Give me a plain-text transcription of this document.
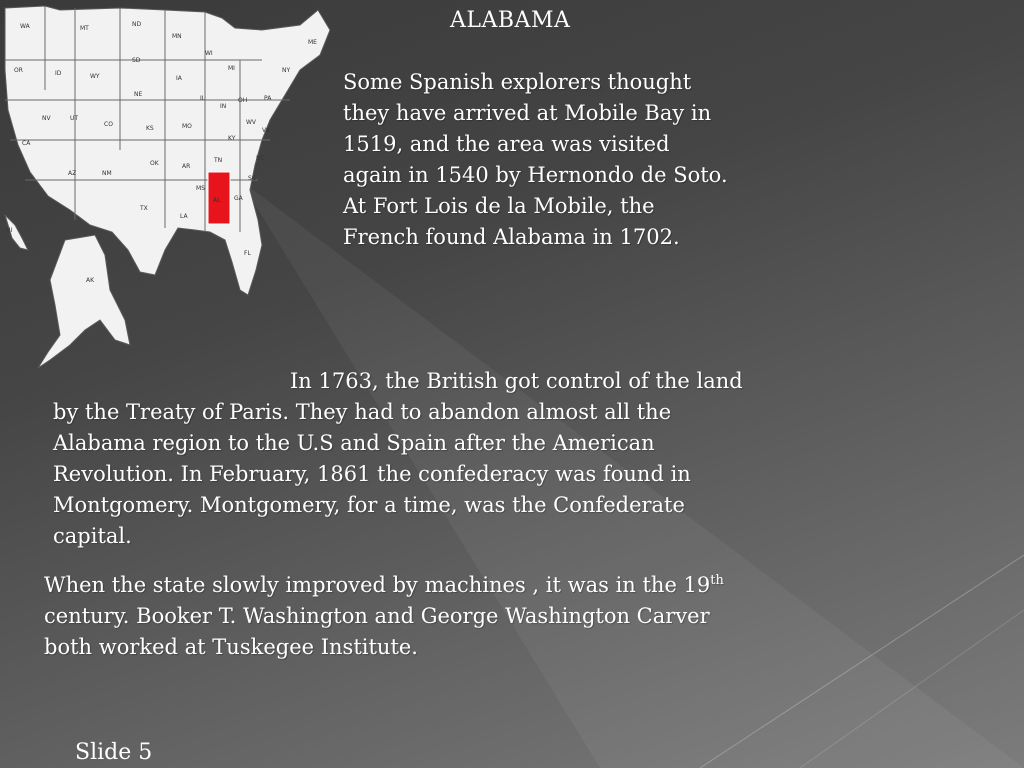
AL
WA
OR
CA
ID
NV
MT
WY
UT
AZ
CO
NM
ND
SD
NE
KS
OK
TX
MN
IA
MO
AR
LA
WI
IL
MI
IN
OH
KY
TN
MS
GA
FL
SC
NC
VA
WV
PA
NY
ME
AK
HI
ALABAMA
Some Spanish explorers thought they have arrived at Mobile Bay in 1519, and the area was visited again in 1540 by Hernondo de Soto. At Fort Lois de la Mobile, the French found Alabama in 1702.
In 1763, the British got control of the land by the Treaty of Paris. They had to abandon almost all the Alabama region to the U.S and Spain after the American Revolution. In February, 1861 the confederacy was found in Montgomery. Montgomery, for a time, was the Confederate capital.
When the state slowly improved by machines , it was in the 19th century. Booker T. Washington and George Washington Carver both worked at Tuskegee Institute.
Slide 5
